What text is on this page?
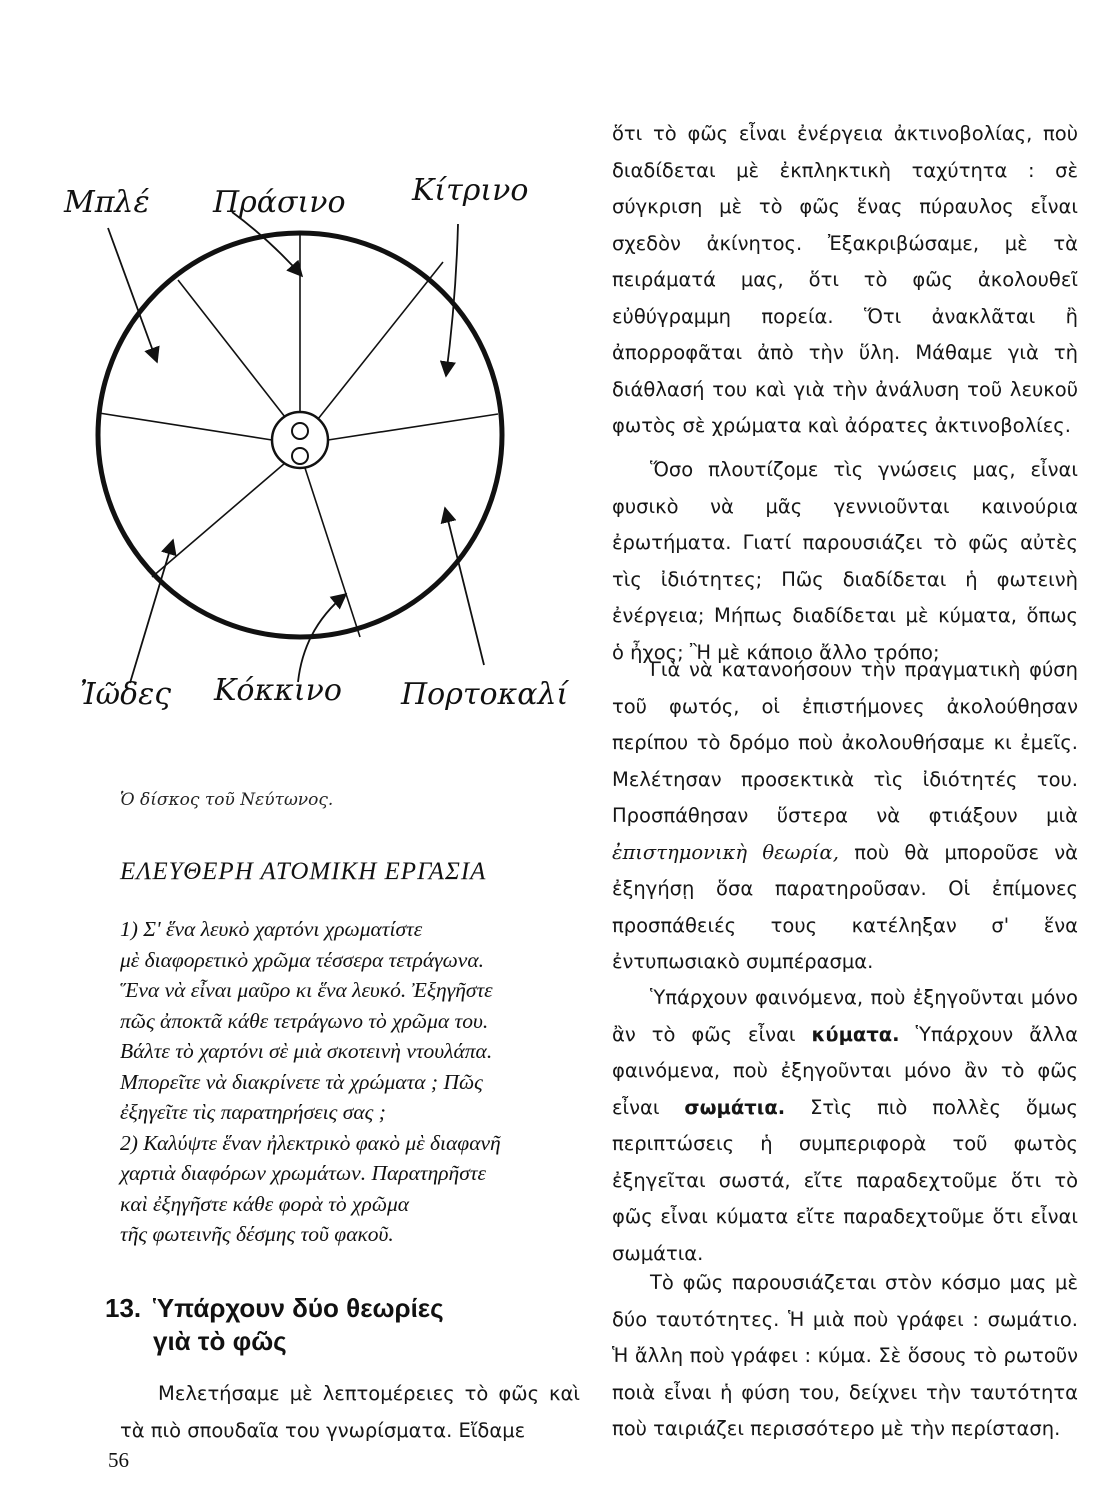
Μπλέ Πράσινο Κίτρινο
Ἰῶδες Κόκκινο Πορτοκαλί
Ὁ δίσκος τοῦ Νεύτωνος.
ΕΛΕΥΘΕΡΗ ΑΤΟΜΙΚΗ ΕΡΓΑΣΙΑ

1) Σ' ἕνα λευκὸ χαρτόνι χρωματίστε

μὲ διαφορετικὸ χρῶμα τέσσερα τετράγωνα.

Ἕνα νὰ εἶναι μαῦρο κι ἕνα λευκό. Ἐξηγῆστε

πῶς ἀποκτᾶ κάθε τετράγωνο τὸ χρῶμα του.

Βάλτε τὸ χαρτόνι σὲ μιὰ σκοτεινὴ ντουλάπα.

Μπορεῖτε νὰ διακρίνετε τὰ χρώματα ; Πῶς

ἐξηγεῖτε τὶς παρατηρήσεις σας ;

2) Καλύψτε ἕναν ἠλεκτρικὸ φακὸ μὲ διαφανῆ

χαρτιὰ διαφόρων χρωμάτων. Παρατηρῆστε

καὶ ἐξηγῆστε κάθε φορὰ τὸ χρῶμα

τῆς φωτεινῆς δέσμης τοῦ φακοῦ.

13. Ὑπάρχουν δύο θεωρίες
γιὰ τὸ φῶς

Μελετήσαμε μὲ λεπτομέρειες τὸ φῶς καὶ τὰ πιὸ σπουδαῖα του γνωρίσματα. Εἴδαμε

ὅτι τὸ φῶς εἶναι ἐνέργεια ἀκτινοβολίας, ποὺ διαδίδεται μὲ ἐκπληκτικὴ ταχύτητα : σὲ σύγκριση μὲ τὸ φῶς ἕνας πύραυλος εἶναι σχεδὸν ἀκίνητος. Ἐξακριβώσαμε, μὲ τὰ πειράματά μας, ὅτι τὸ φῶς ἀκολουθεῖ εὐθύγραμμη πορεία. Ὅτι ἀνακλᾶται ἢ ἀπορροφᾶται ἀπὸ τὴν ὕλη. Μάθαμε γιὰ τὴ διάθλασή του καὶ γιὰ τὴν ἀνάλυση τοῦ λευκοῦ φωτὸς σὲ χρώματα καὶ ἀόρατες ἀκτινοβολίες.

Ὅσο πλουτίζομε τὶς γνώσεις μας, εἶναι φυσικὸ νὰ μᾶς γεννιοῦνται καινούρια ἐρωτήματα. Γιατί παρουσιάζει τὸ φῶς αὐτὲς τὶς ἰδιότητες; Πῶς διαδίδεται ἡ φωτεινὴ ἐνέργεια; Μήπως διαδίδεται μὲ κύματα, ὅπως ὁ ἦχος; Ἢ μὲ κάποιο ἄλλο τρόπο;

Γιὰ νὰ κατανοήσουν τὴν πραγματικὴ φύση τοῦ φωτός, οἱ ἐπιστήμονες ἀκολούθησαν περίπου τὸ δρόμο ποὺ ἀκολουθήσαμε κι ἐμεῖς. Μελέτησαν προσεκτικὰ τὶς ἰδιότητές του. Προσπάθησαν ὕστερα νὰ φτιάξουν μιὰ ἐπιστημονικὴ θεωρία, ποὺ θὰ μποροῦσε νὰ ἐξηγήσῃ ὅσα παρατηροῦσαν. Οἱ ἐπίμονες προσπάθειές τους κατέληξαν σ' ἕνα ἐντυπωσιακὸ συμπέρασμα.

Ὑπάρχουν φαινόμενα, ποὺ ἐξηγοῦνται μόνο ἂν τὸ φῶς εἶναι κύματα. Ὑπάρχουν ἄλλα φαινόμενα, ποὺ ἐξηγοῦνται μόνο ἂν τὸ φῶς εἶναι σωμάτια. Στὶς πιὸ πολλὲς ὅμως περιπτώσεις ἡ συμπεριφορὰ τοῦ φωτὸς ἐξηγεῖται σωστά, εἴτε παραδεχτοῦμε ὅτι τὸ φῶς εἶναι κύματα εἴτε παραδεχτοῦμε ὅτι εἶναι σωμάτια.

Τὸ φῶς παρουσιάζεται στὸν κόσμο μας μὲ δύο ταυτότητες. Ἡ μιὰ ποὺ γράφει : σωμάτιο. Ἡ ἄλλη ποὺ γράφει : κύμα. Σὲ ὅσους τὸ ρωτοῦν ποιὰ εἶναι ἡ φύση του, δείχνει τὴν ταυτότητα ποὺ ταιριάζει περισσότερο μὲ τὴν περίσταση.

56
